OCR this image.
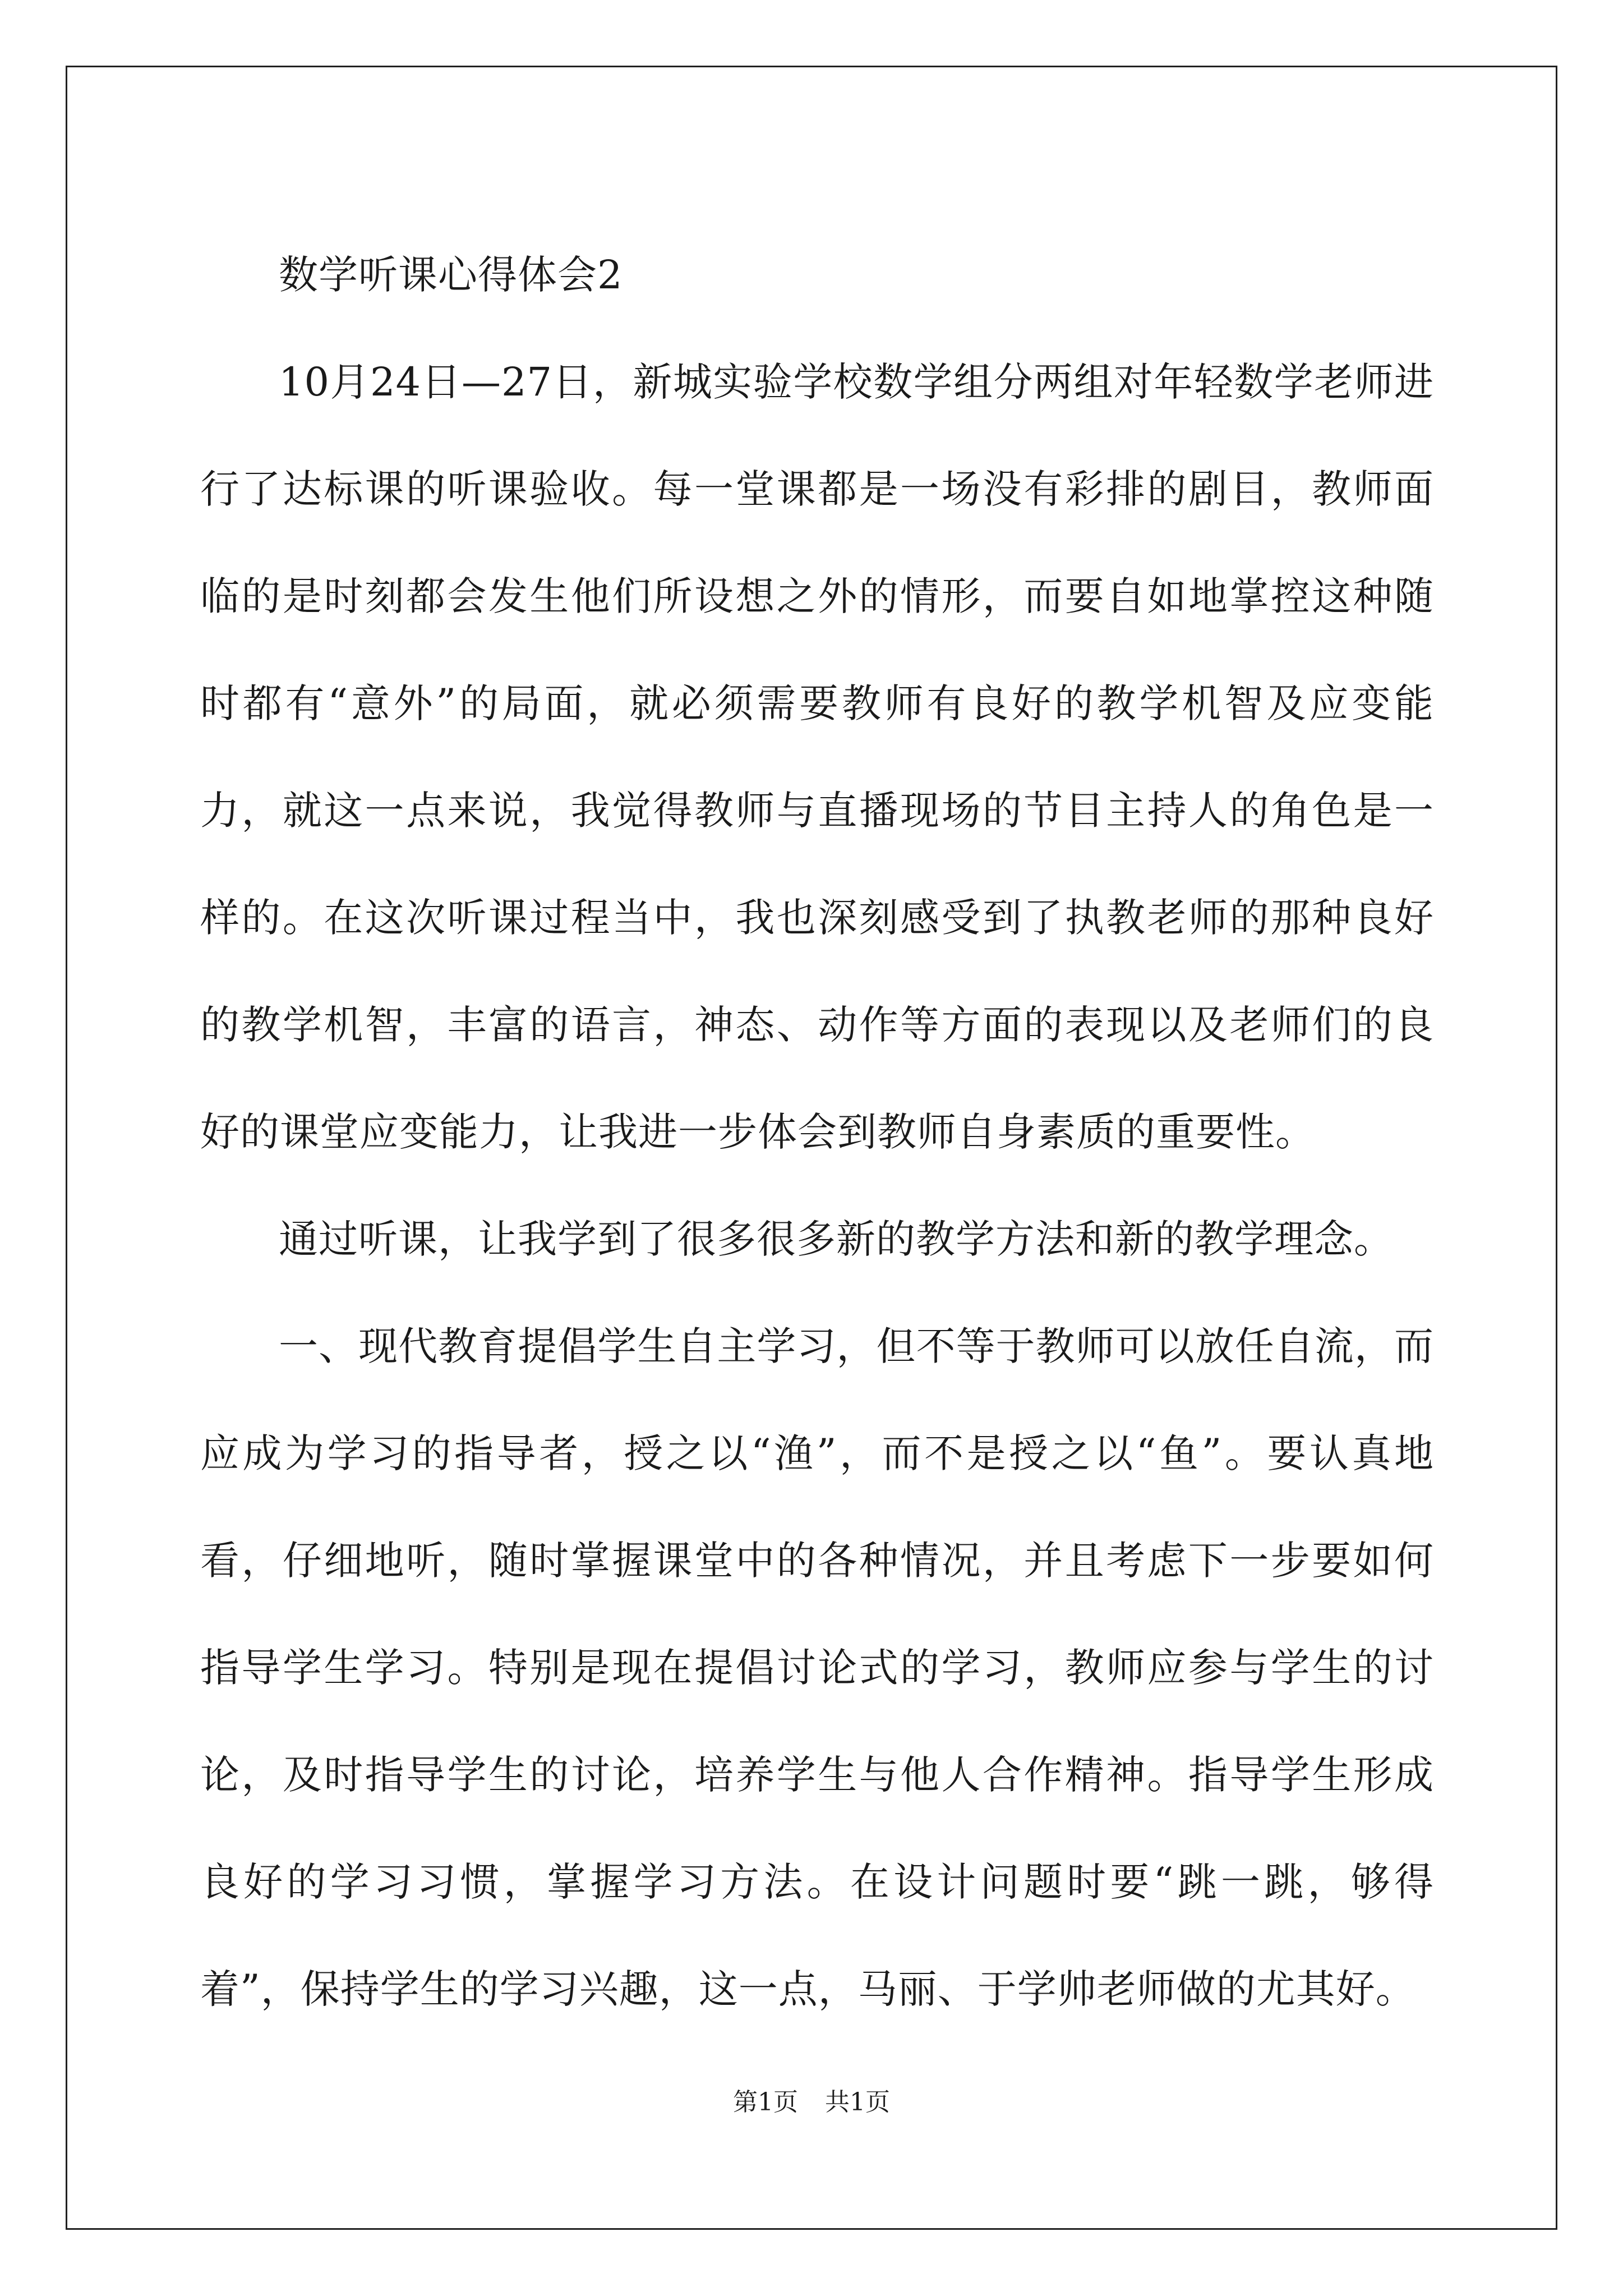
数学听课心得体会2

10月24日—27日，新城实验学校数学组分两组对年轻数学老师进行了达标课的听课验收。每一堂课都是一场没有彩排的剧目，教师面临的是时刻都会发生他们所设想之外的情形，而要自如地掌控这种随时都有“意外”的局面，就必须需要教师有良好的教学机智及应变能力，就这一点来说，我觉得教师与直播现场的节目主持人的角色是一样的。在这次听课过程当中，我也深刻感受到了执教老师的那种良好的教学机智，丰富的语言，神态、动作等方面的表现以及老师们的良好的课堂应变能力，让我进一步体会到教师自身素质的重要性。

通过听课，让我学到了很多很多新的教学方法和新的教学理念。

一、现代教育提倡学生自主学习，但不等于教师可以放任自流，而应成为学习的指导者，授之以“渔”，而不是授之以“鱼”。要认真地看，仔细地听，随时掌握课堂中的各种情况，并且考虑下一步要如何指导学生学习。特别是现在提倡讨论式的学习，教师应参与学生的讨论，及时指导学生的讨论，培养学生与他人合作精神。指导学生形成良好的学习习惯，掌握学习方法。在设计问题时要“跳一跳，够得着”，保持学生的学习兴趣，这一点，马丽、于学帅老师做的尤其好。

第1页 共1页
